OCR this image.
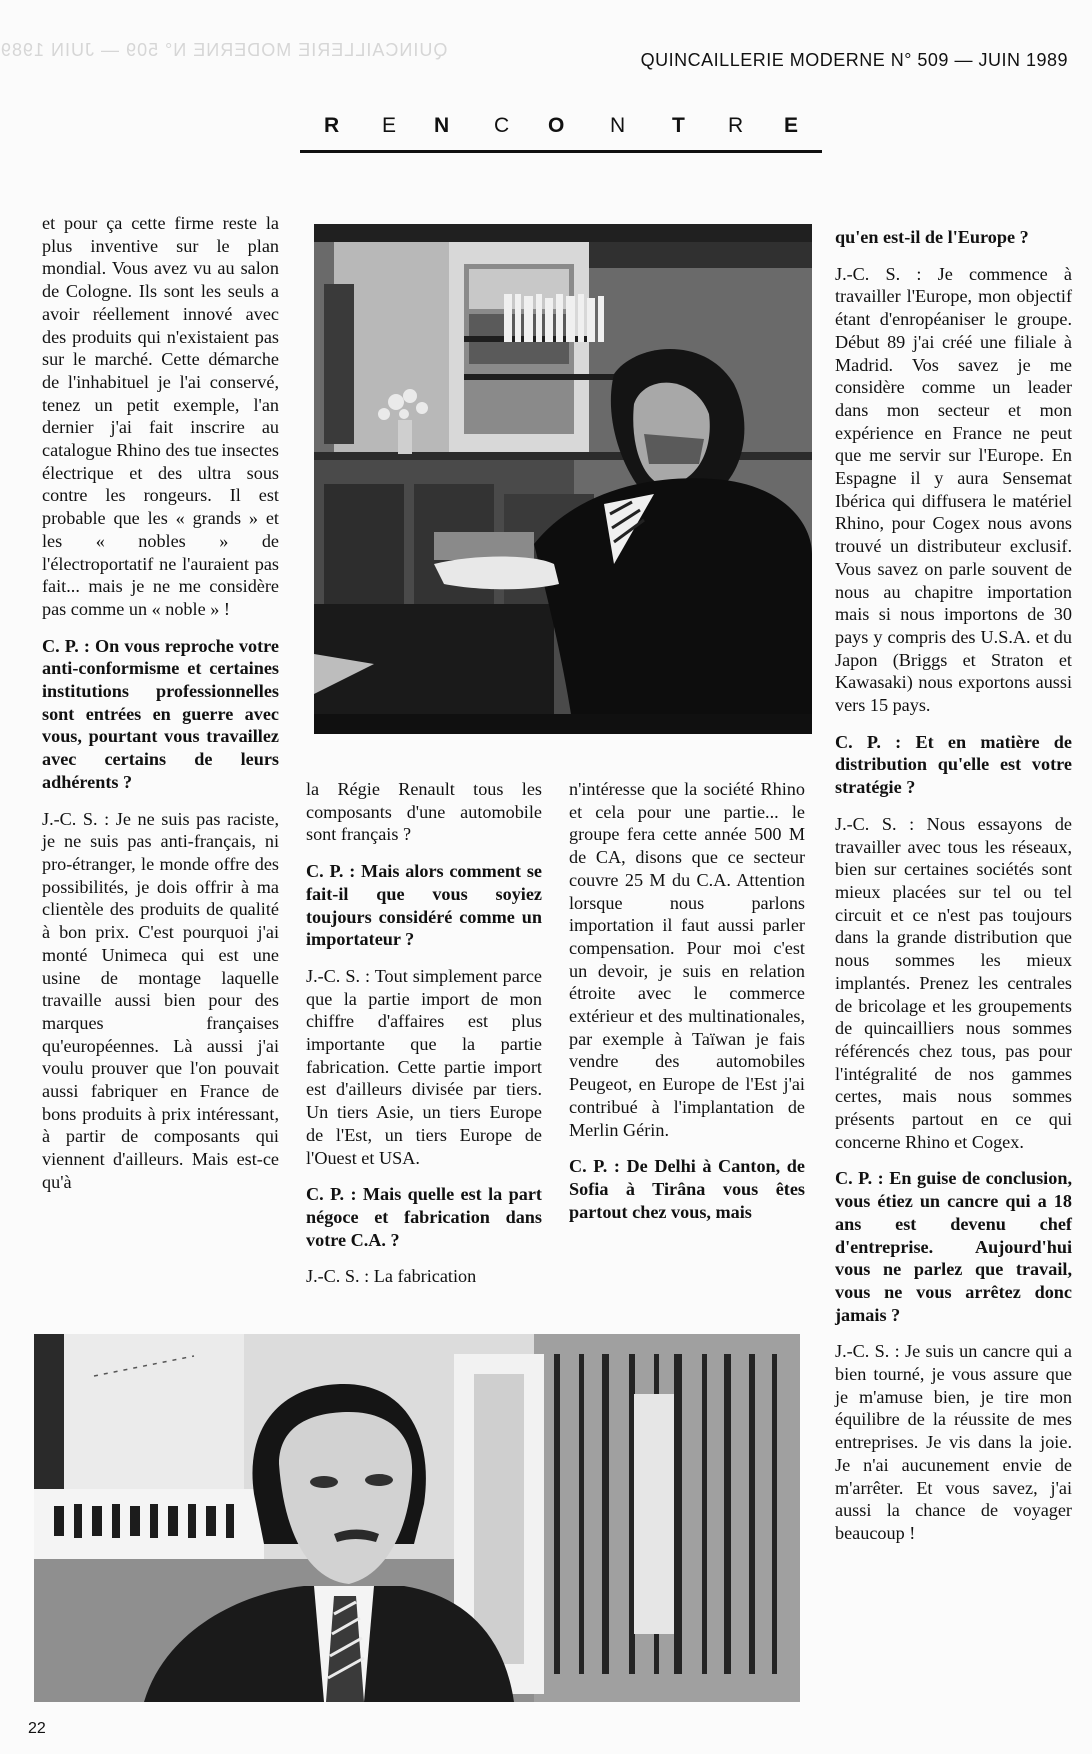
QUINCAILLERIE MODERNE N° 509 — JUIN 1989	QUINCAILLERIE MODERNE N° 509 — JUIN 1989
R E N C O N T R E

et pour ça cette firme reste la plus inventive sur le plan mondial. Vous avez vu au salon de Cologne. Ils sont les seuls a avoir réellement innové avec des produits qui n'existaient pas sur le marché. Cette démarche de l'inhabituel je l'ai conservé, tenez un petit exemple, l'an dernier j'ai fait inscrire au catalogue Rhino des tue insectes électrique et des ultra sous contre les rongeurs. Il est probable que les « grands » et les « nobles » de l'électroportatif ne l'auraient pas fait... mais je ne me considère pas comme un « noble » !

C. P. : On vous reproche votre anti-conformisme et certaines institutions professionnelles sont entrées en guerre avec vous, pourtant vous travaillez avec certains de leurs adhérents ?

J.-C. S. : Je ne suis pas raciste, je ne suis pas anti-français, ni pro-étranger, le monde offre des possibilités, je dois offrir à ma clientèle des produits de qualité à bon prix. C'est pourquoi j'ai monté Unimeca qui est une usine de montage laquelle travaille aussi bien pour des marques françaises qu'européennes. Là aussi j'ai voulu prouver que l'on pouvait aussi fabriquer en France de bons produits à prix intéressant, à partir de composants qui viennent d'ailleurs. Mais est-ce qu'à

la Régie Renault tous les composants d'une automobile sont français ?

C. P. : Mais alors comment se fait-il que vous soyiez toujours considéré comme un importateur ?

J.-C. S. : Tout simplement parce que la partie import de mon chiffre d'affaires est plus importante que la partie fabrication. Cette partie import est d'ailleurs divisée par tiers. Un tiers Asie, un tiers Europe de l'Est, un tiers Europe de l'Ouest et USA.

C. P. : Mais quelle est la part négoce et fabrication dans votre C.A. ?

J.-C. S. : La fabrication

n'intéresse que la société Rhino et cela pour une partie... le groupe fera cette année 500 M de CA, disons que ce secteur couvre 25 M du C.A. Attention lorsque nous parlons importation il faut aussi parler compensation. Pour moi c'est un devoir, je suis en relation étroite avec le commerce extérieur et des multinationales, par exemple à Taïwan je fais vendre des automobiles Peugeot, en Europe de l'Est j'ai contribué à l'implantation de Merlin Gérin.

C. P. : De Delhi à Canton, de Sofia à Tirâna vous êtes partout chez vous, mais

qu'en est-il de l'Europe ?

J.-C. S. : Je commence à travailler l'Europe, mon objectif étant d'enropéaniser le groupe. Début 89 j'ai créé une filiale à Madrid. Vos savez je me considère comme un leader dans mon secteur et mon expérience en France ne peut que me servir sur l'Europe. En Espagne il y aura Sensemat Ibérica qui diffusera le matériel Rhino, pour Cogex nous avons trouvé un distributeur exclusif. Vous savez on parle souvent de nous au chapitre importation mais si nous importons de 30 pays y compris des U.S.A. et du Japon (Briggs et Straton et Kawasaki) nous exportons aussi vers 15 pays.

C. P. : Et en matière de distribution qu'elle est votre stratégie ?

J.-C. S. : Nous essayons de travailler avec tous les réseaux, bien sur certaines sociétés sont mieux placées sur tel ou tel circuit et ce n'est pas toujours dans la grande distribution que nous sommes les mieux implantés. Prenez les centrales de bricolage et les groupements de quincailliers nous sommes référencés chez tous, pas pour l'intégralité de nos gammes certes, mais nous sommes présents partout en ce qui concerne Rhino et Cogex.

C. P. : En guise de conclusion, vous étiez un cancre qui a 18 ans est devenu chef d'entreprise. Aujourd'hui vous ne parlez que travail, vous ne vous arrêtez donc jamais ?

J.-C. S. : Je suis un cancre qui a bien tourné, je vous assure que je m'amuse bien, je tire mon équilibre de la réussite de mes entreprises. Je vis dans la joie. Je n'ai aucunement envie de m'arrêter. Et vous savez, j'ai aussi la chance de voyager beaucoup !

22
